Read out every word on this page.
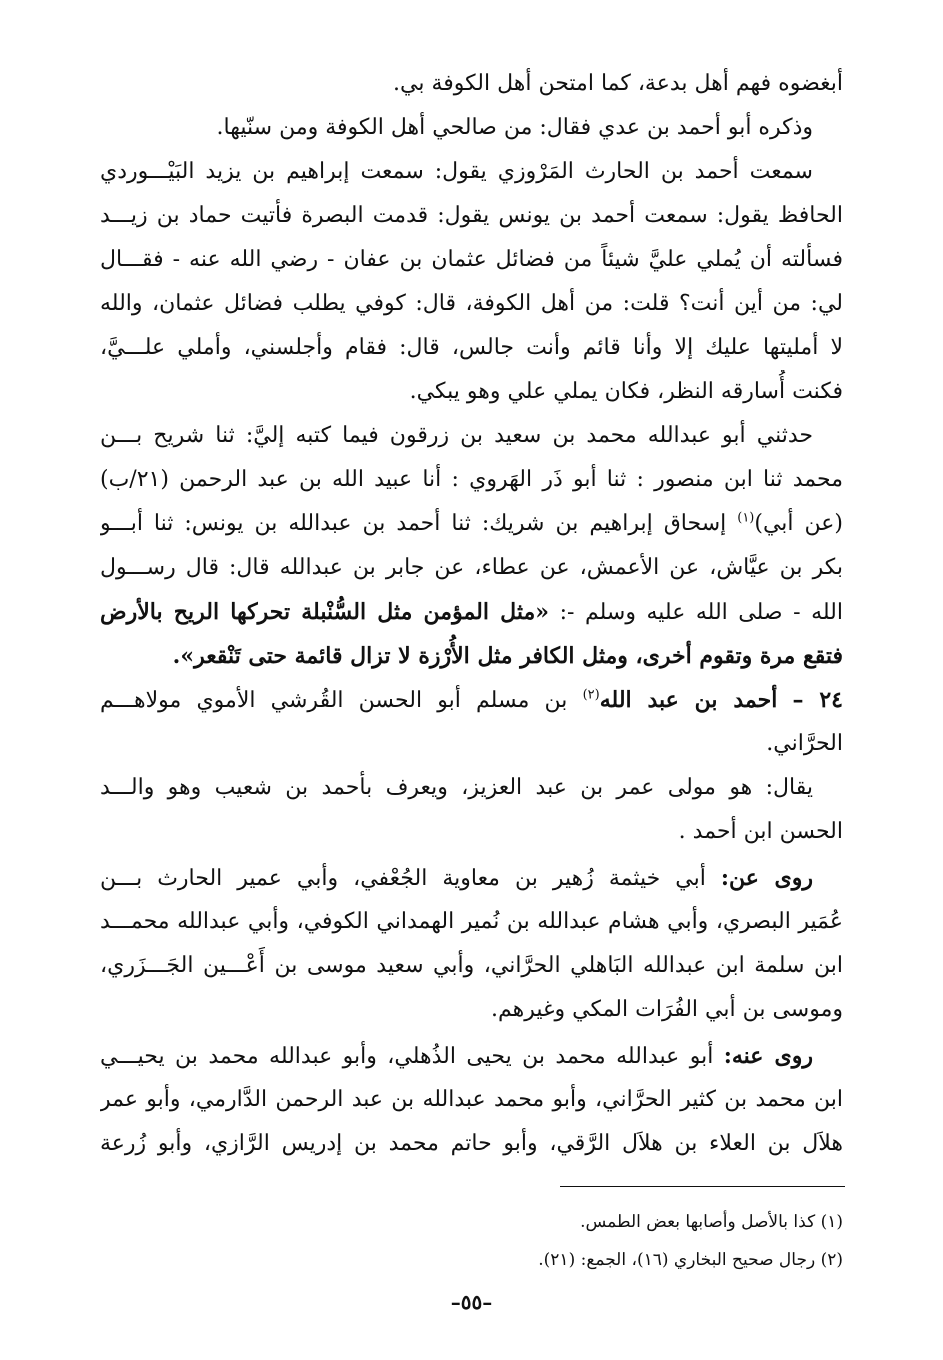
أبغضوه فهم أهل بدعة، كما امتحن أهل الكوفة بي.
وذكره أبو أحمد بن عدي فقال: من صالحي أهل الكوفة ومن سنّيها.
سمعت أحمد بن الحارث المَرْوزي يقول: سمعت إبراهيم بن يزيد البَيْـــوردي
الحافظ يقول: سمعت أحمد بن يونس يقول: قدمت البصرة فأتيت حماد بن زيـــد
فسألته أن يُملي عليَّ شيئاً من فضائل عثمان بن عفان - رضي الله عنه - فقـــال
لي: من أين أنت؟ قلت: من أهل الكوفة، قال: كوفي يطلب فضائل عثمان، والله
لا أمليتها عليك إلا وأنا قائم وأنت جالس، قال: فقام وأجلسني، وأملي علـــيَّ،
فكنت أُسارقه النظر، فكان يملي علي وهو يبكي.
حدثني أبو عبدالله محمد بن سعيد بن زرقون فيما كتبه إليَّ: ثنا شريح بـــن
محمد ثنا ابن منصور : ثنا أبو ذَر الهَروي : أنا عبيد الله بن عبد الرحمن (٢١/ب)
(عن أبي)$^{(١)}$ إسحاق إبراهيم بن شريك: ثنا أحمد بن عبدالله بن يونس: ثنا أبـــو
بكر بن عيَّاش، عن الأعمش، عن عطاء، عن جابر بن عبدالله قال: قال رســـول
الله - صلى الله عليه وسلم -: «مثل المؤمن مثل السُّنْبلة تحركها الريح بالأرض
فتقع مرة وتقوم أخرى، ومثل الكافر مثل الأُرْزة لا تزال قائمة حتى تَنْقعر».
٢٤ – أحمد بن عبد الله$^{(٢)}$ بن مسلم أبو الحسن القُرشي الأموي مولاهـــم
الحرَّاني.
يقال: هو مولى عمر بن عبد العزيز، ويعرف بأحمد بن شعيب وهو والـــد
الحسن ابن أحمد .
روى عن: أبي خيثمة زُهير بن معاوية الجُعْفي، وأبي عمير الحارث بـــن
عُمَير البصري، وأبي هشام عبدالله بن نُمير الهمداني الكوفي، وأبي عبدالله محمـــد
ابن سلمة ابن عبدالله البَاهلي الحرَّاني، وأبي سعيد موسى بن أَعْـــين الجَـــزَري،
وموسى بن أبي الفُرَات المكي وغيرهم.
روى عنه: أبو عبدالله محمد بن يحيى الذُهلي، وأبو عبدالله محمد بن يحيـــي
ابن محمد بن كثير الحرَّاني، وأبو محمد عبدالله بن عبد الرحمن الدَّارمي، وأبو عمر
هلاَل بن العلاء بن هلاَل الرَّقي، وأبو حاتم محمد بن إدريس الرَّازي، وأبو زُرعة
(١) كذا بالأصل وأصابها بعض الطمس.
(٢) رجال صحيح البخاري (١٦)، الجمع: (٢١).
–٥٥–
